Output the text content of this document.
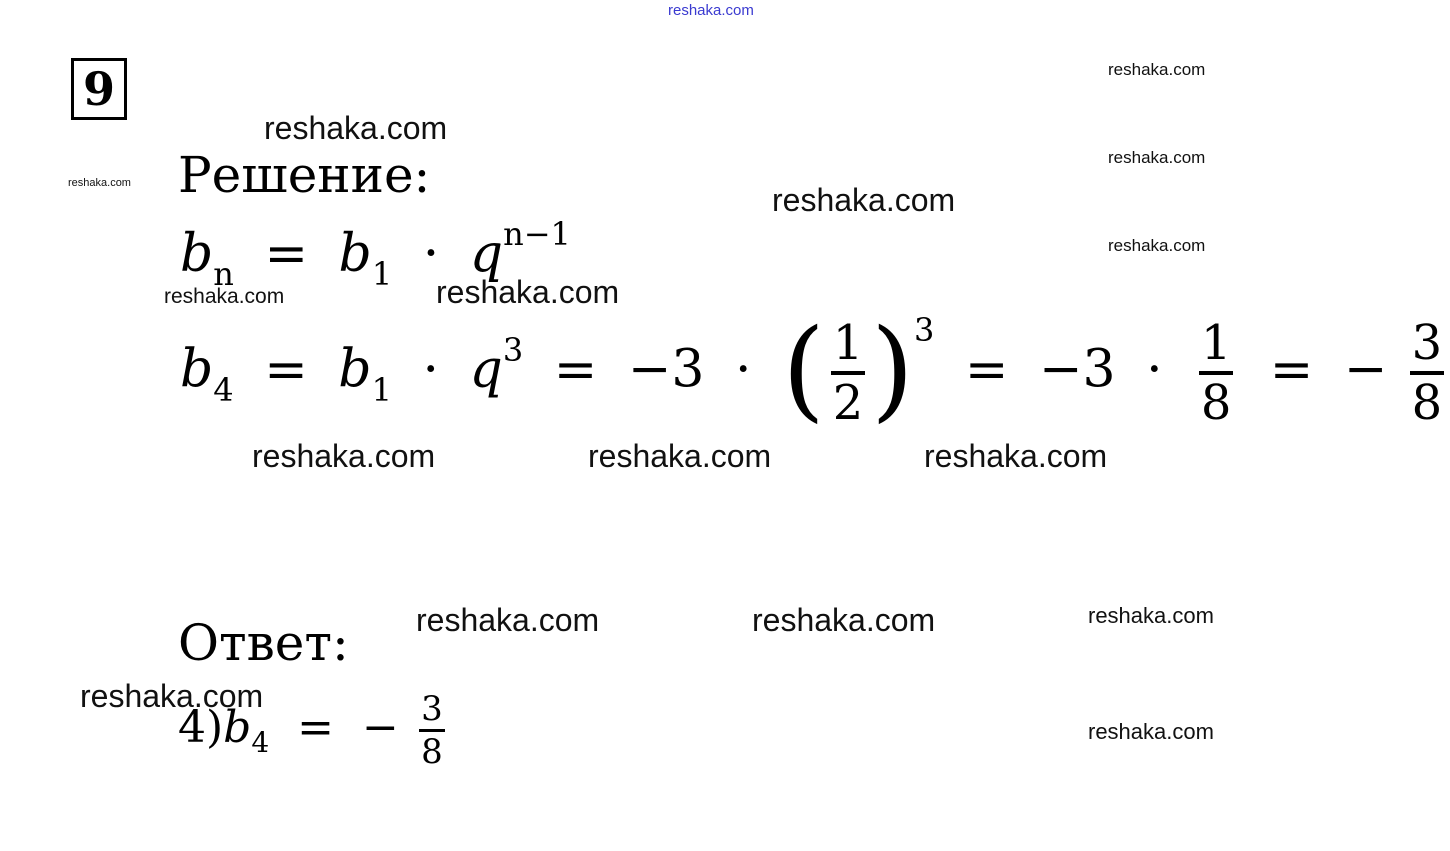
reshaka.com
reshaka.com
reshaka.com
reshaka.com
reshaka.com
reshaka.com	reshaka.com
reshaka.com	reshaka.com
reshaka.com	reshaka.com	reshaka.com
reshaka.com	reshaka.com	reshaka.com
reshaka.com
reshaka.com
9
Решение:
Ответ:
$b_n = b_1 \cdot q^{n-1}$
$b_4 = b_1 \cdot q^3 = -3$ · ( $\frac{1}{2} )^3 = -3 \cdot \frac{1}{8}$ = − $\frac{3}{8}$
$4)b_4$ = − $\frac{3}{8}$
